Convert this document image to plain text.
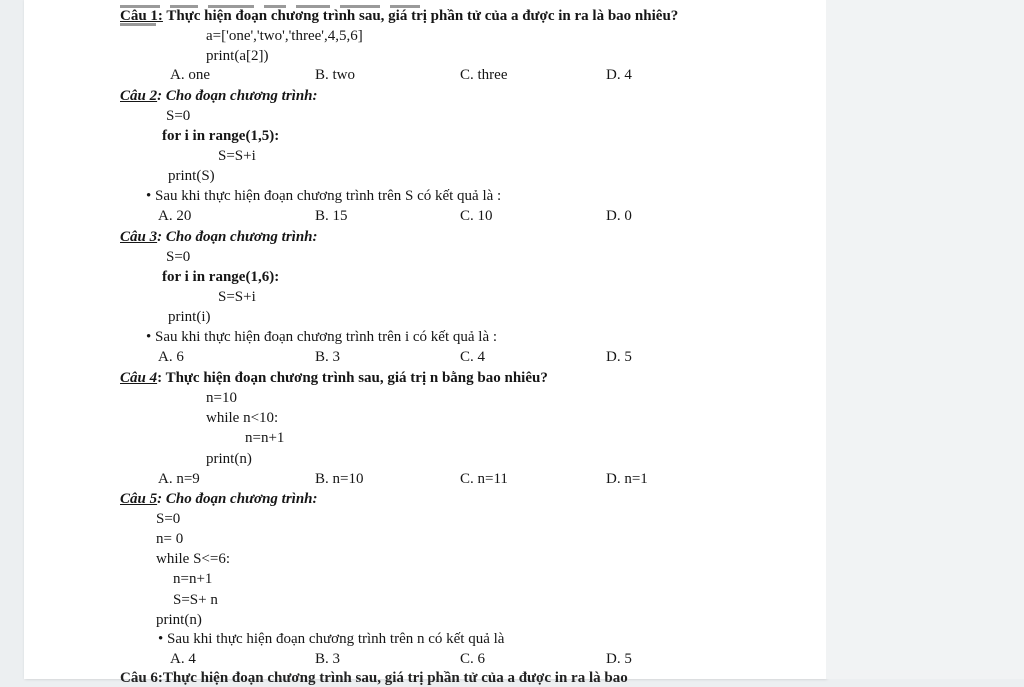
Câu 1: Thực hiện đoạn chương trình sau, giá trị phần tử của a được in ra là bao nhiêu?
a=['one','two','three',4,5,6]
print(a[2])
A. one	B. two	C. three	D. 4
Câu 2: Cho đoạn chương trình:
S=0
for i in range(1,5):
S=S+i
print(S)
• Sau khi thực hiện đoạn chương trình trên S có kết quả là :
A. 20	B. 15	C. 10	D. 0
Câu 3: Cho đoạn chương trình:
S=0
for i in range(1,6):
S=S+i
print(i)
• Sau khi thực hiện đoạn chương trình trên i có kết quả là :
A. 6	B. 3	C. 4	D. 5
Câu 4: Thực hiện đoạn chương trình sau, giá trị n bằng bao nhiêu?
n=10
while n<10:
n=n+1
print(n)
A. n=9	B. n=10	C. n=11	D. n=1
Câu 5: Cho đoạn chương trình:
S=0
n= 0
while S<=6:
n=n+1
S=S+ n
print(n)
• Sau khi thực hiện đoạn chương trình trên n có kết quả là
A. 4	B. 3	C. 6	D. 5
Câu 6:Thực hiện đoạn chương trình sau, giá trị phần tử của a được in ra là bao
